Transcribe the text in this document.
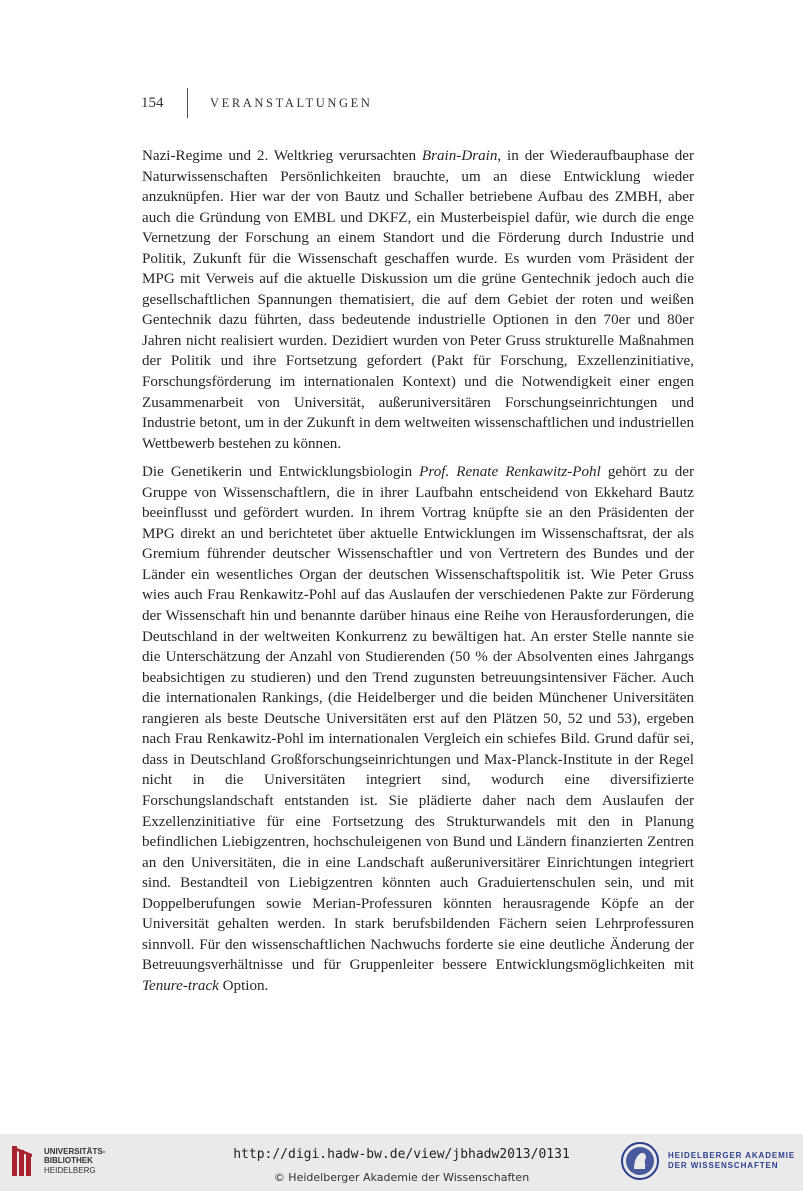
154	VERANSTALTUNGEN

Nazi-Regime und 2. Weltkrieg verursachten Brain-Drain, in der Wiederaufbauphase der Naturwissenschaften Persönlichkeiten brauchte, um an diese Entwicklung wieder anzuknüpfen. Hier war der von Bautz und Schaller betriebene Aufbau des ZMBH, aber auch die Gründung von EMBL und DKFZ, ein Musterbeispiel dafür, wie durch die enge Vernetzung der Forschung an einem Standort und die Förderung durch Industrie und Politik, Zukunft für die Wissenschaft geschaffen wurde. Es wurden vom Präsident der MPG mit Verweis auf die aktuelle Diskussion um die grüne Gentechnik jedoch auch die gesellschaftlichen Spannungen thematisiert, die auf dem Gebiet der roten und weißen Gentechnik dazu führten, dass bedeutende industrielle Optionen in den 70er und 80er Jahren nicht realisiert wurden. Dezidiert wurden von Peter Gruss strukturelle Maßnahmen der Politik und ihre Fortsetzung gefordert (Pakt für Forschung, Exzellenzinitiative, Forschungsförderung im internationalen Kontext) und die Notwendigkeit einer engen Zusammenarbeit von Universität, außeruniversitären Forschungseinrichtungen und Industrie betont, um in der Zukunft in dem weltweiten wissenschaftlichen und industriellen Wettbewerb bestehen zu können.

Die Genetikerin und Entwicklungsbiologin Prof. Renate Renkawitz-Pohl gehört zu der Gruppe von Wissenschaftlern, die in ihrer Laufbahn entscheidend von Ekkehard Bautz beeinflusst und gefördert wurden. In ihrem Vortrag knüpfte sie an den Präsidenten der MPG direkt an und berichtetet über aktuelle Entwicklungen im Wissenschaftsrat, der als Gremium führender deutscher Wissenschaftler und von Vertretern des Bundes und der Länder ein wesentliches Organ der deutschen Wissenschaftspolitik ist. Wie Peter Gruss wies auch Frau Renkawitz-Pohl auf das Auslaufen der verschiedenen Pakte zur Förderung der Wissenschaft hin und benannte darüber hinaus eine Reihe von Herausforderungen, die Deutschland in der weltweiten Konkurrenz zu bewältigen hat. An erster Stelle nannte sie die Unterschätzung der Anzahl von Studierenden (50 % der Absolventen eines Jahrgangs beabsichtigen zu studieren) und den Trend zugunsten betreuungsintensiver Fächer. Auch die internationalen Rankings, (die Heidelberger und die beiden Münchener Universitäten rangieren als beste Deutsche Universitäten erst auf den Plätzen 50, 52 und 53), ergeben nach Frau Renkawitz-Pohl im internationalen Vergleich ein schiefes Bild. Grund dafür sei, dass in Deutschland Großforschungseinrichtungen und Max-Planck-Institute in der Regel nicht in die Universitäten integriert sind, wodurch eine diversifizierte Forschungslandschaft entstanden ist. Sie plädierte daher nach dem Auslaufen der Exzellenzinitiative für eine Fortsetzung des Strukturwandels mit den in Planung befindlichen Liebigzentren, hochschuleigenen von Bund und Ländern finanzierten Zentren an den Universitäten, die in eine Landschaft außeruniversitärer Einrichtungen integriert sind. Bestandteil von Liebigzentren könnten auch Graduiertenschulen sein, und mit Doppelberufungen sowie Merian-Professuren könnten herausragende Köpfe an der Universität gehalten werden. In stark berufsbildenden Fächern seien Lehrprofessuren sinnvoll. Für den wissenschaftlichen Nachwuchs forderte sie eine deutliche Änderung der Betreuungsverhältnisse und für Gruppenleiter bessere Entwicklungsmöglichkeiten mit Tenure-track Option.

UNIVERSITÄTS-
BIBLIOTHEK
HEIDELBERG
http://digi.hadw-bw.de/view/jbhadw2013/0131
© Heidelberger Akademie der Wissenschaften
HEIDELBERGER AKADEMIE
DER WISSENSCHAFTEN
